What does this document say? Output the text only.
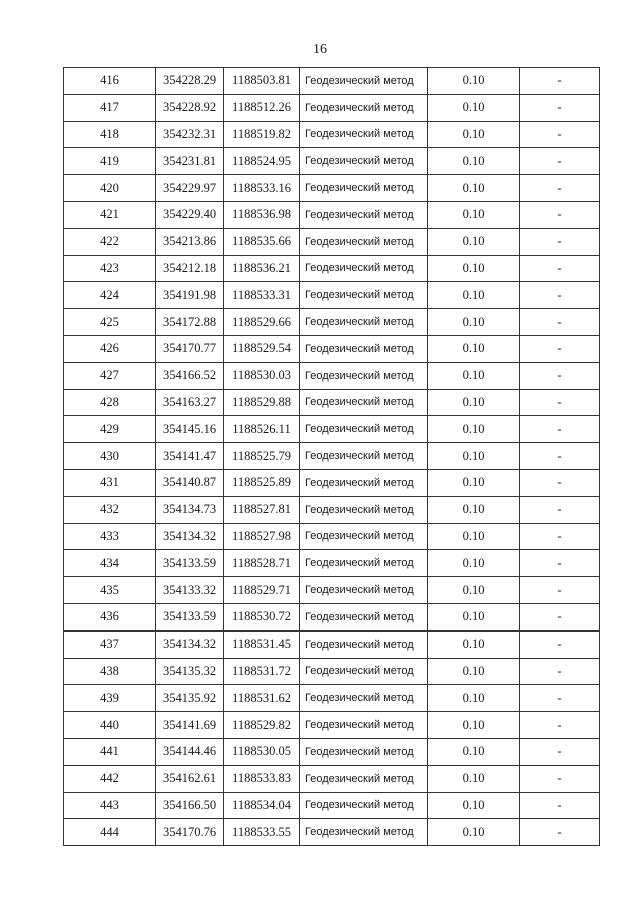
16
416	354228.29	1188503.81	Геодезический метод	0.10	-
417	354228.92	1188512.26	Геодезический метод	0.10	-
418	354232.31	1188519.82	Геодезический метод	0.10	-
419	354231.81	1188524.95	Геодезический метод	0.10	-
420	354229.97	1188533.16	Геодезический метод	0.10	-
421	354229.40	1188536.98	Геодезический метод	0.10	-
422	354213.86	1188535.66	Геодезический метод	0.10	-
423	354212.18	1188536.21	Геодезический метод	0.10	-
424	354191.98	1188533.31	Геодезический метод	0.10	-
425	354172.88	1188529.66	Геодезический метод	0.10	-
426	354170.77	1188529.54	Геодезический метод	0.10	-
427	354166.52	1188530.03	Геодезический метод	0.10	-
428	354163.27	1188529.88	Геодезический метод	0.10	-
429	354145.16	1188526.11	Геодезический метод	0.10	-
430	354141.47	1188525.79	Геодезический метод	0.10	-
431	354140.87	1188525.89	Геодезический метод	0.10	-
432	354134.73	1188527.81	Геодезический метод	0.10	-
433	354134.32	1188527.98	Геодезический метод	0.10	-
434	354133.59	1188528.71	Геодезический метод	0.10	-
435	354133.32	1188529.71	Геодезический метод	0.10	-
436	354133.59	1188530.72	Геодезический метод	0.10	-
437	354134.32	1188531.45	Геодезический метод	0.10	-
438	354135.32	1188531.72	Геодезический метод	0.10	-
439	354135.92	1188531.62	Геодезический метод	0.10	-
440	354141.69	1188529.82	Геодезический метод	0.10	-
441	354144.46	1188530.05	Геодезический метод	0.10	-
442	354162.61	1188533.83	Геодезический метод	0.10	-
443	354166.50	1188534.04	Геодезический метод	0.10	-
444	354170.76	1188533.55	Геодезический метод	0.10	-
